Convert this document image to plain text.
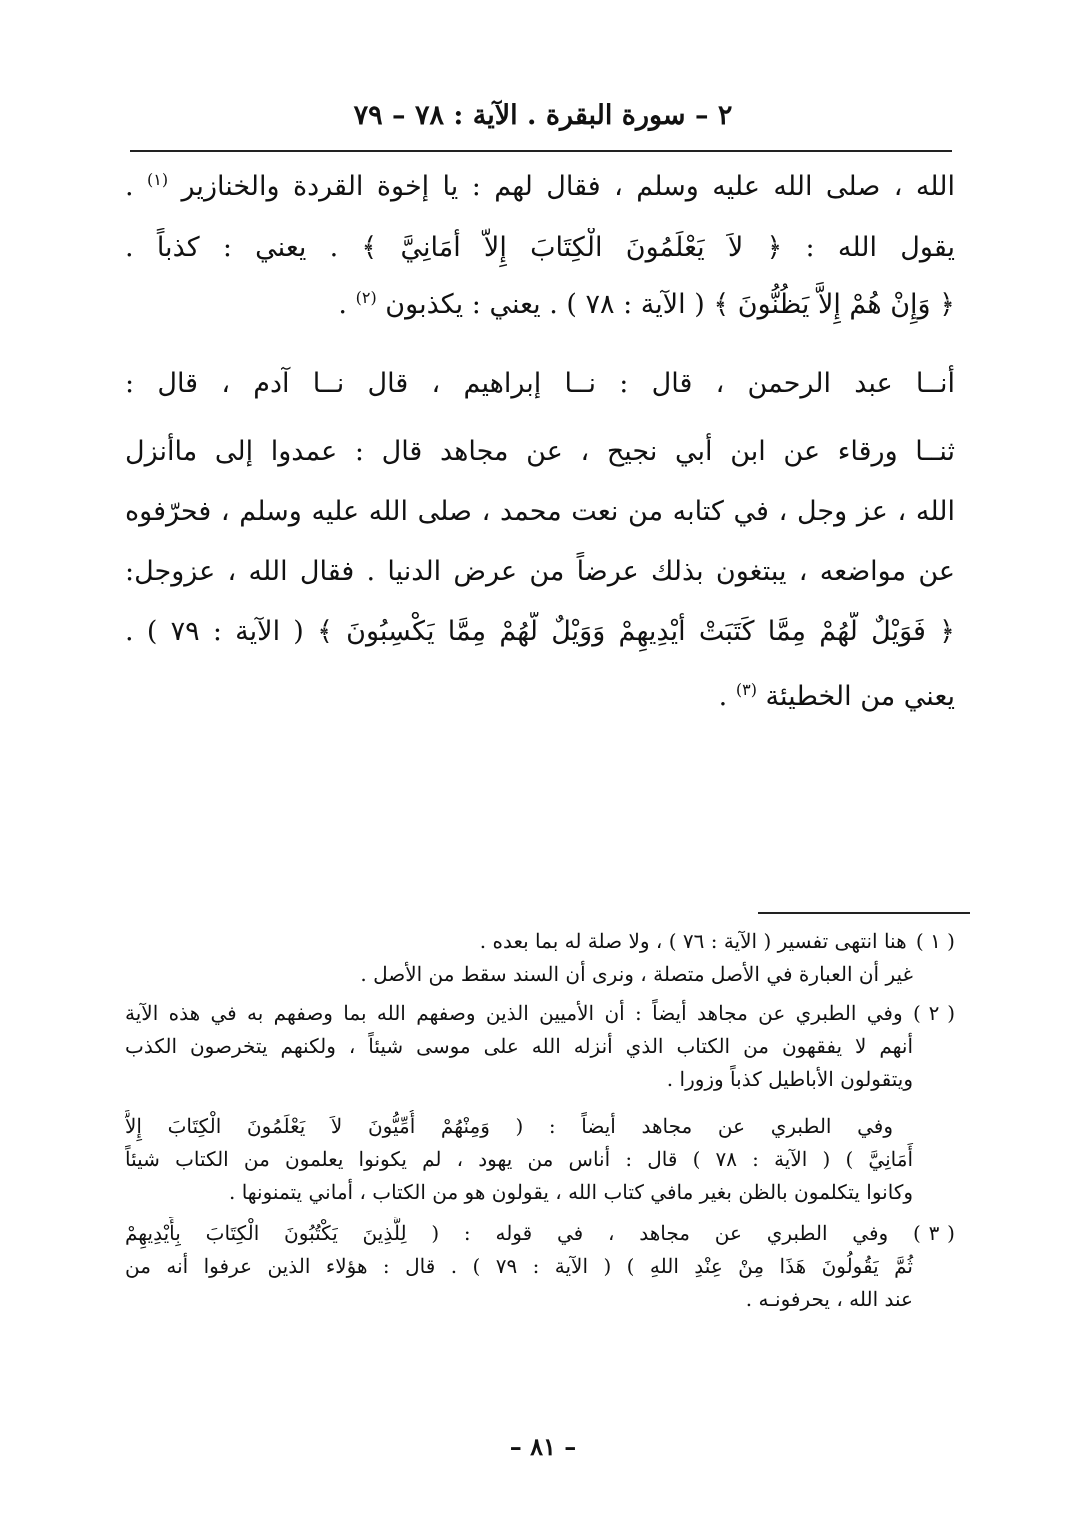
٢ – سورة البقرة . الآية : ٧٨ – ٧٩
الله ، صلى الله عليه وسلم ، فقال لهم : يا إخوة القردة والخنازير $^{(١)}$ .
يقول الله : ﴿ لاَ يَعْلَمُونَ الْكِتَابَ إِلاَّ أَمَانِيَّ ﴾ . يعني : كذباً .
﴿ وَإِنْ هُمْ إِلاَّ يَظُنُّونَ ﴾ ( الآية : ٧٨ ) . يعني : يكذبون $^{(٢)}$ .
أنــا عبد الرحمن ، قال : نــا إبراهيم ، قال نــا آدم ، قال :
ثنــا ورقاء عن ابن أبي نجيح ، عن مجاهد قال : عمدوا إلى ماأنزل
الله ، عز وجل ، في كتابه من نعت محمد ، صلى الله عليه وسلم ، فحرّفوه
عن مواضعه ، يبتغون بذلك عرضاً من عرض الدنيا . فقال الله ، عزوجل:
﴿ فَوَيْلٌ لَّهُمْ مِمَّا كَتَبَتْ أَيْدِيهِمْ وَوَيْلٌ لَّهُمْ مِمَّا يَكْسِبُونَ ﴾ ( الآية : ٧٩ ) .
يعني من الخطيئة $^{(٣)}$ .
( ١ ) هنا انتهى تفسير ( الآية : ٧٦ ) ، ولا صلة له بما بعده .
غير أن العبارة في الأصل متصلة ، ونرى أن السند سقط من الأصل .
( ٢ ) وفي الطبري عن مجاهد أيضاً : أن الأميين الذين وصفهم الله بما وصفهم به في هذه الآية
أنهم لا يفقهون من الكتاب الذي أنزله الله على موسى شيئاً ، ولكنهم يتخرصون الكذب
ويتقولون الأباطيل كذباً وزورا .
وفي الطبري عن مجاهد أيضاً : ( وَمِنْهُمْ أُمِّيُّونَ لاَ يَعْلَمُونَ الْكِتَابَ إِلاَّ
أَمَانِيَّ ) ( الآية : ٧٨ ) قال : أناس من يهود ، لم يكونوا يعلمون من الكتاب شيئاً
وكانوا يتكلمون بالظن بغير مافي كتاب الله ، يقولون هو من الكتاب ، أماني يتمنونها .
( ٣ ) وفي الطبري عن مجاهد ، في قوله : ( لِلَّذِينَ يَكْتُبُونَ الْكِتَابَ بِأَيْدِيهِمْ
ثُمَّ يَقُولُونَ هَذَا مِنْ عِنْدِ اللهِ ) ( الآية : ٧٩ ) . قال : هؤلاء الذين عرفوا أنه من
عند الله ، يحرفونـه .
– ٨١ –
